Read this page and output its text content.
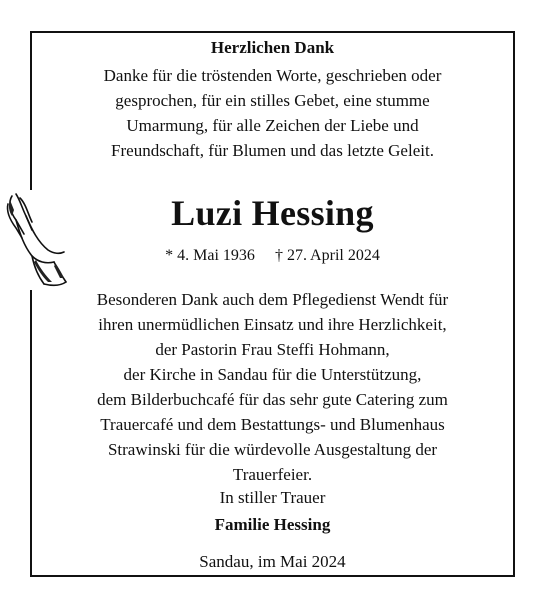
Herzlichen Dank
Danke für die tröstenden Worte, geschrieben oder
gesprochen, für ein stilles Gebet, eine stumme
Umarmung, für alle Zeichen der Liebe und
Freundschaft, für Blumen und das letzte Geleit.
Luzi Hessing
* 4. Mai 1936 † 27. April 2024
Besonderen Dank auch dem Pflegedienst Wendt für
ihren unermüdlichen Einsatz und ihre Herzlichkeit,
der Pastorin Frau Steffi Hohmann,
der Kirche in Sandau für die Unterstützung,
dem Bilderbuchcafé für das sehr gute Catering zum
Trauercafé und dem Bestattungs- und Blumenhaus
Strawinski für die würdevolle Ausgestaltung der
Trauerfeier.
In stiller Trauer
Familie Hessing
Sandau, im Mai 2024
